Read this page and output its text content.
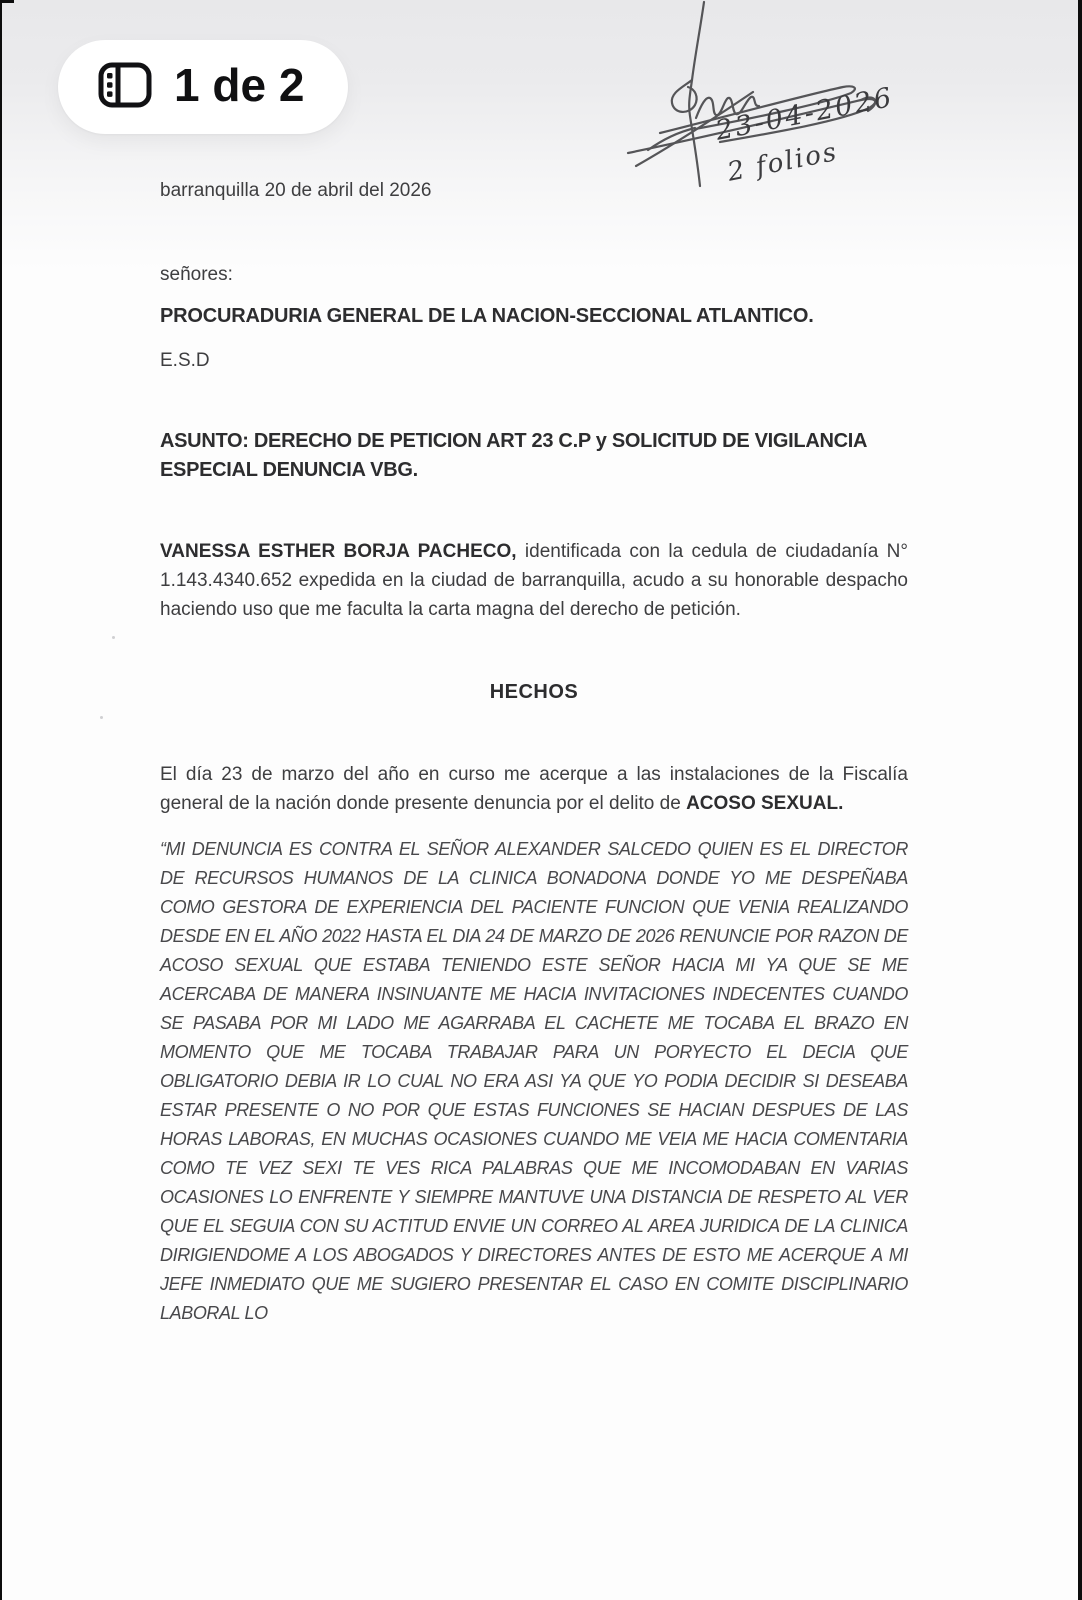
1 de 2	23-04-2026
2 folios

barranquilla 20 de abril del 2026

señores:

PROCURADURIA GENERAL DE LA NACION-SECCIONAL ATLANTICO.

E.S.D

ASUNTO: DERECHO DE PETICION ART 23 C.P y SOLICITUD DE VIGILANCIA ESPECIAL DENUNCIA VBG.

VANESSA ESTHER BORJA PACHECO, identificada con la cedula de ciudadanía N° 1.143.4340.652 expedida en la ciudad de barranquilla, acudo a su honorable despacho haciendo uso que me faculta la carta magna del derecho de petición.

HECHOS

El día 23 de marzo del año en curso me acerque a las instalaciones de la Fiscalía general de la nación donde presente denuncia por el delito de ACOSO SEXUAL.

“MI DENUNCIA ES CONTRA EL SEÑOR ALEXANDER SALCEDO QUIEN ES EL DIRECTOR DE RECURSOS HUMANOS DE LA CLINICA BONADONA DONDE YO ME DESPEÑABA COMO GESTORA DE EXPERIENCIA DEL PACIENTE FUNCION QUE VENIA REALIZANDO DESDE EN EL AÑO 2022 HASTA EL DIA 24 DE MARZO DE 2026 RENUNCIE POR RAZON DE ACOSO SEXUAL QUE ESTABA TENIENDO ESTE SEÑOR HACIA MI YA QUE SE ME ACERCABA DE MANERA INSINUANTE ME HACIA INVITACIONES INDECENTES CUANDO SE PASABA POR MI LADO ME AGARRABA EL CACHETE ME TOCABA EL BRAZO EN MOMENTO QUE ME TOCABA TRABAJAR PARA UN PORYECTO EL DECIA QUE OBLIGATORIO DEBIA IR LO CUAL NO ERA ASI YA QUE YO PODIA DECIDIR SI DESEABA ESTAR PRESENTE O NO POR QUE ESTAS FUNCIONES SE HACIAN DESPUES DE LAS HORAS LABORAS, EN MUCHAS OCASIONES CUANDO ME VEIA ME HACIA COMENTARIA COMO TE VEZ SEXI TE VES RICA PALABRAS QUE ME INCOMODABAN EN VARIAS OCASIONES LO ENFRENTE Y SIEMPRE MANTUVE UNA DISTANCIA DE RESPETO AL VER QUE EL SEGUIA CON SU ACTITUD ENVIE UN CORREO AL AREA JURIDICA DE LA CLINICA DIRIGIENDOME A LOS ABOGADOS Y DIRECTORES ANTES DE ESTO ME ACERQUE A MI JEFE INMEDIATO QUE ME SUGIERO PRESENTAR EL CASO EN COMITE DISCIPLINARIO LABORAL LO
